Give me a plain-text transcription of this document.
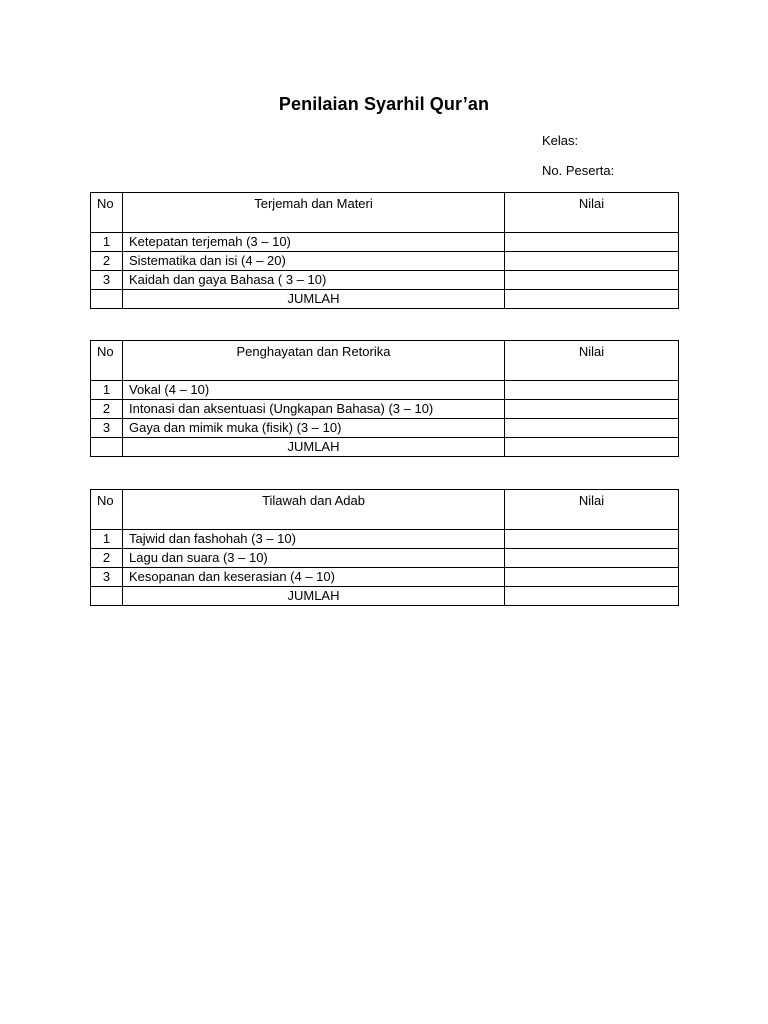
Penilaian Syarhil Qur’an
Kelas:
No. Peserta:
No	Terjemah dan Materi	Nilai
1	Ketepatan terjemah (3 – 10)	
2	Sistematika dan isi (4 – 20)	
3	Kaidah dan gaya Bahasa ( 3 – 10)	
	JUMLAH	
No	Penghayatan dan Retorika	Nilai
1	Vokal (4 – 10)	
2	Intonasi dan aksentuasi (Ungkapan Bahasa) (3 – 10)	
3	Gaya dan mimik muka (fisik) (3 – 10)	
	JUMLAH	
No	Tilawah dan Adab	Nilai
1	Tajwid dan fashohah (3 – 10)	
2	Lagu dan suara (3 – 10)	
3	Kesopanan dan keserasian (4 – 10)	
	JUMLAH	
